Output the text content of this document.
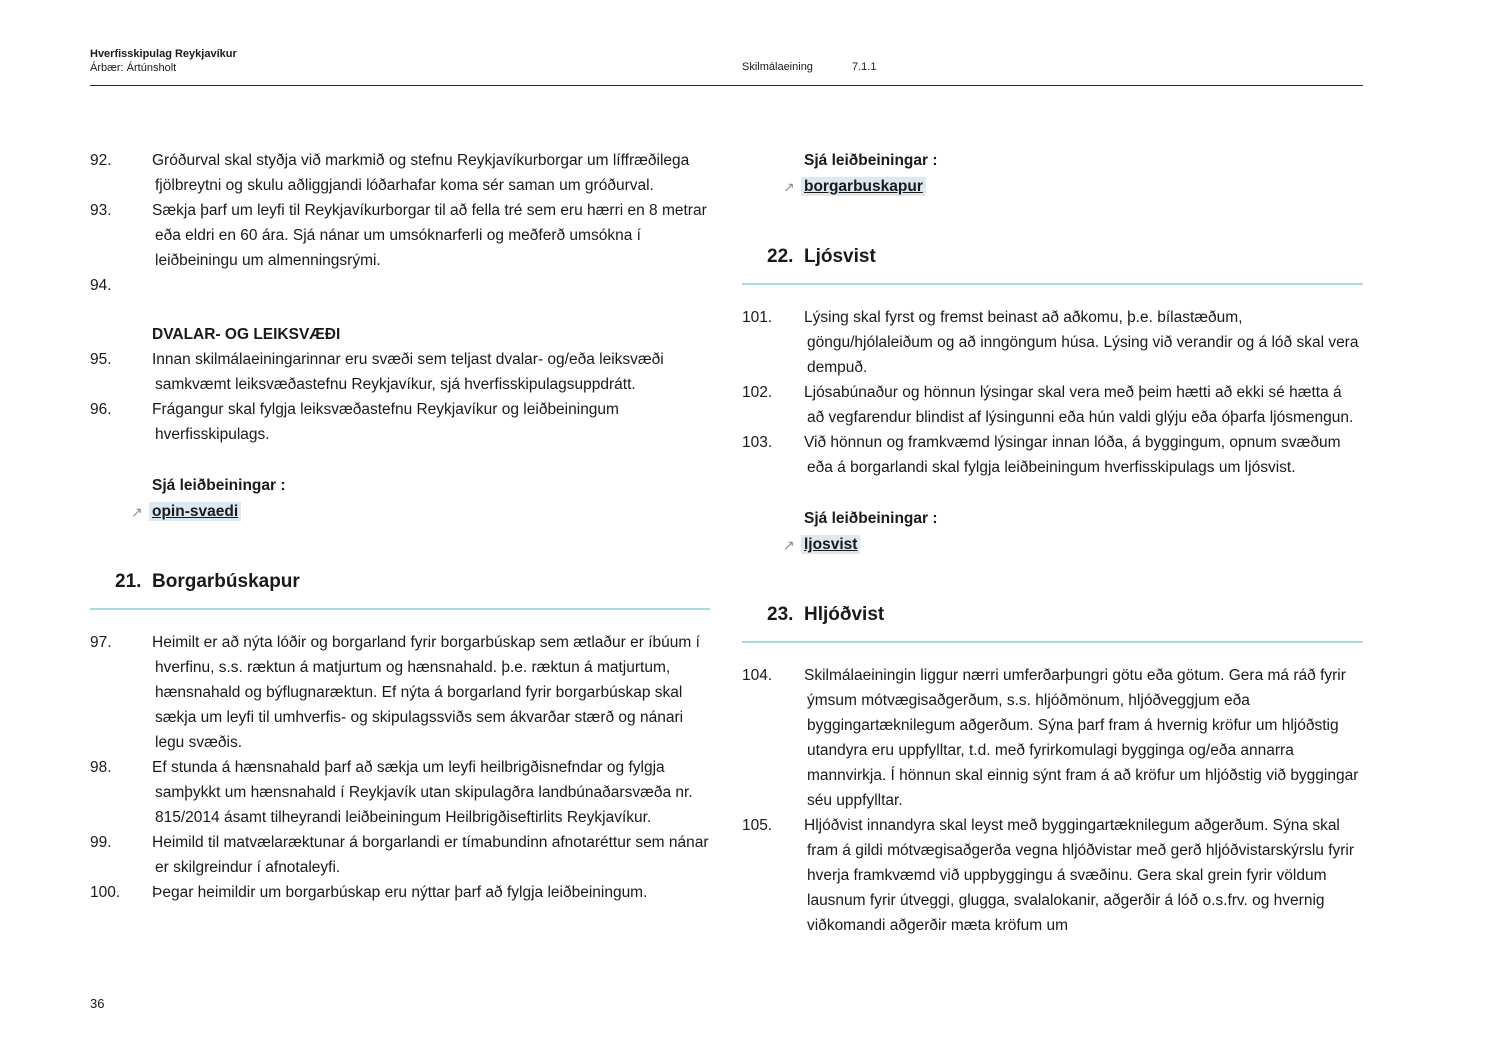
Hverfisskipulag Reykjavíkur
Árbær: Ártúnsholt	Skilmálaeining	7.1.1
92.	Gróðurval skal styðja við markmið og stefnu Reykjavíkurborgar um líffræðilega fjölbreytni og skulu aðliggjandi lóðarhafar koma sér saman um gróðurval.
93.	Sækja þarf um leyfi til Reykjavíkurborgar til að fella tré sem eru hærri en 8 metrar eða eldri en 60 ára. Sjá nánar um umsóknarferli og meðferð umsókna í leiðbeiningu um almenningsrými.
94.
DVALAR- OG LEIKSVÆÐI
95.	Innan skilmálaeiningarinnar eru svæði sem teljast dvalar- og/eða leiksvæði samkvæmt leiksvæðastefnu Reykjavíkur, sjá hverfisskipulagsuppdrátt.
96.	Frágangur skal fylgja leiksvæðastefnu Reykjavíkur og leiðbeiningum hverfisskipulags.
Sjá leiðbeiningar :
↗ opin-svaedi
21. Borgarbúskapur
97.	Heimilt er að nýta lóðir og borgarland fyrir borgarbúskap sem ætlaður er íbúum í hverfinu, s.s. ræktun á matjurtum og hænsnahald. þ.e. ræktun á matjurtum, hænsnahald og býflugnaræktun. Ef nýta á borgarland fyrir borgarbúskap skal sækja um leyfi til umhverfis- og skipulagssviðs sem ákvarðar stærð og nánari legu svæðis.
98.	Ef stunda á hænsnahald þarf að sækja um leyfi heilbrigðisnefndar og fylgja samþykkt um hænsnahald í Reykjavík utan skipulagðra landbúnaðarsvæða nr. 815/2014 ásamt tilheyrandi leiðbeiningum Heilbrigðiseftirlits Reykjavíkur.
99.	Heimild til matvælaræktunar á borgarlandi er tímabundinn afnotaréttur sem nánar er skilgreindur í afnotaleyfi.
100.	Þegar heimildir um borgarbúskap eru nýttar þarf að fylgja leiðbeiningum.
Sjá leiðbeiningar :
↗ borgarbuskapur
22. Ljósvist
101.	Lýsing skal fyrst og fremst beinast að aðkomu, þ.e. bílastæðum, göngu/hjólaleiðum og að inngöngum húsa. Lýsing við verandir og á lóð skal vera dempuð.
102.	Ljósabúnaður og hönnun lýsingar skal vera með þeim hætti að ekki sé hætta á að vegfarendur blindist af lýsingunni eða hún valdi glýju eða óþarfa ljósmengun.
103.	Við hönnun og framkvæmd lýsingar innan lóða, á byggingum, opnum svæðum eða á borgarlandi skal fylgja leiðbeiningum hverfisskipulags um ljósvist.
Sjá leiðbeiningar :
↗ ljosvist
23. Hljóðvist
104.	Skilmálaeiningin liggur nærri umferðarþungri götu eða götum. Gera má ráð fyrir ýmsum mótvægisaðgerðum, s.s. hljóðmönum, hljóðveggjum eða byggingartæknilegum aðgerðum. Sýna þarf fram á hvernig kröfur um hljóðstig utandyra eru uppfylltar, t.d. með fyrirkomulagi bygginga og/eða annarra mannvirkja. Í hönnun skal einnig sýnt fram á að kröfur um hljóðstig við byggingar séu uppfylltar.
105.	Hljóðvist innandyra skal leyst með byggingartæknilegum aðgerðum. Sýna skal fram á gildi mótvægisaðgerða vegna hljóðvistar með gerð hljóðvistarskýrslu fyrir hverja framkvæmd við uppbyggingu á svæðinu. Gera skal grein fyrir völdum lausnum fyrir útveggi, glugga, svalalokanir, aðgerðir á lóð o.s.frv. og hvernig viðkomandi aðgerðir mæta kröfum um
36
